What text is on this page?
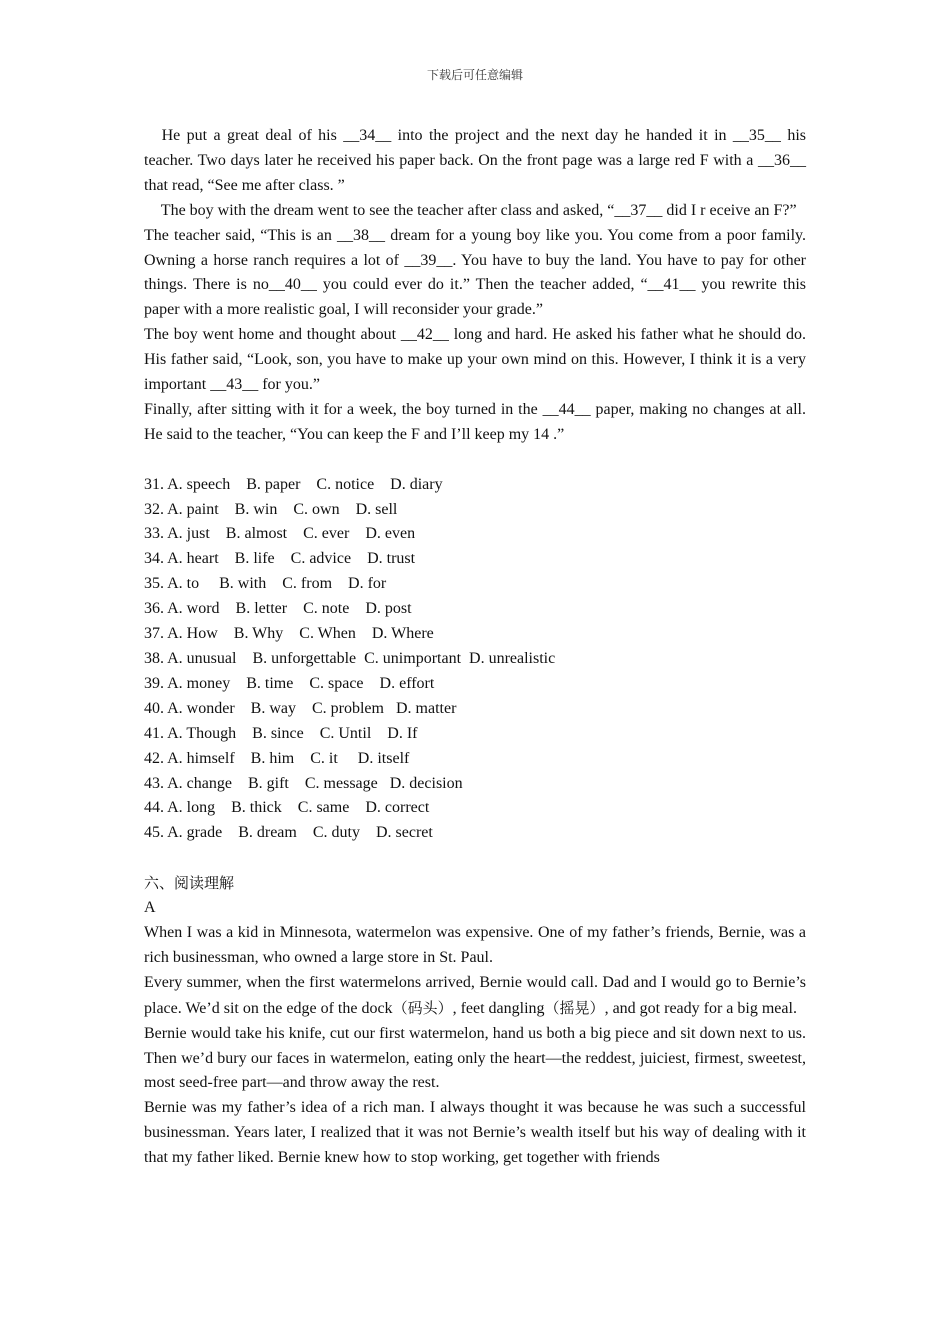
下载后可任意编辑

He put a great deal of his __34__ into the project and the next day he handed it in __35__ his teacher. Two days later he received his paper back. On the front page was a large red F with a __36__ that read, “See me after class. ”

The boy with the dream went to see the teacher after class and asked, “__37__ did I r eceive an F?”

The teacher said, “This is an __38__ dream for a young boy like you. You come from a poor family. Owning a horse ranch requires a lot of __39__. You have to buy the land. You have to pay for other things. There is no__40__ you could ever do it.” Then the teacher added, “__41__ you rewrite this paper with a more realistic goal, I will reconsider your grade.”

The boy went home and thought about __42__ long and hard. He asked his father what he should do. His father said, “Look, son, you have to make up your own mind on this. However, I think it is a very important __43__ for you.”

Finally, after sitting with it for a week, the boy turned in the __44__ paper, making no changes at all. He said to the teacher, “You can keep the F and I’ll keep my 14 .”

31. A. speech    B. paper    C. notice    D. diary

32. A. paint    B. win    C. own    D. sell

33. A. just    B. almost    C. ever    D. even

34. A. heart    B. life    C. advice    D. trust

35. A. to     B. with    C. from    D. for

36. A. word    B. letter    C. note    D. post

37. A. How    B. Why    C. When    D. Where

38. A. unusual    B. unforgettable  C. unimportant  D. unrealistic

39. A. money    B. time    C. space    D. effort

40. A. wonder    B. way    C. problem   D. matter

41. A. Though    B. since    C. Until    D. If

42. A. himself    B. him    C. it     D. itself

43. A. change    B. gift    C. message   D. decision

44. A. long    B. thick    C. same    D. correct

45. A. grade    B. dream    C. duty    D. secret

六、阅读理解

A

When I was a kid in Minnesota, watermelon was expensive. One of my father’s friends, Bernie, was a rich businessman, who owned a large store in St. Paul.

Every summer, when the first watermelons arrived, Bernie would call. Dad and I would go to Bernie’s place. We’d sit on the edge of the dock（码头）, feet dangling（摇晃）, and got ready for a big meal.

Bernie would take his knife, cut our first watermelon, hand us both a big piece and sit down next to us. Then we’d bury our faces in watermelon, eating only the heart—the reddest, juiciest, firmest, sweetest, most seed-free part—and throw away the rest.

Bernie was my father’s idea of a rich man. I always thought it was because he was such a successful businessman. Years later, I realized that it was not Bernie’s wealth itself but his way of dealing with it that my father liked. Bernie knew how to stop working, get together with friends
